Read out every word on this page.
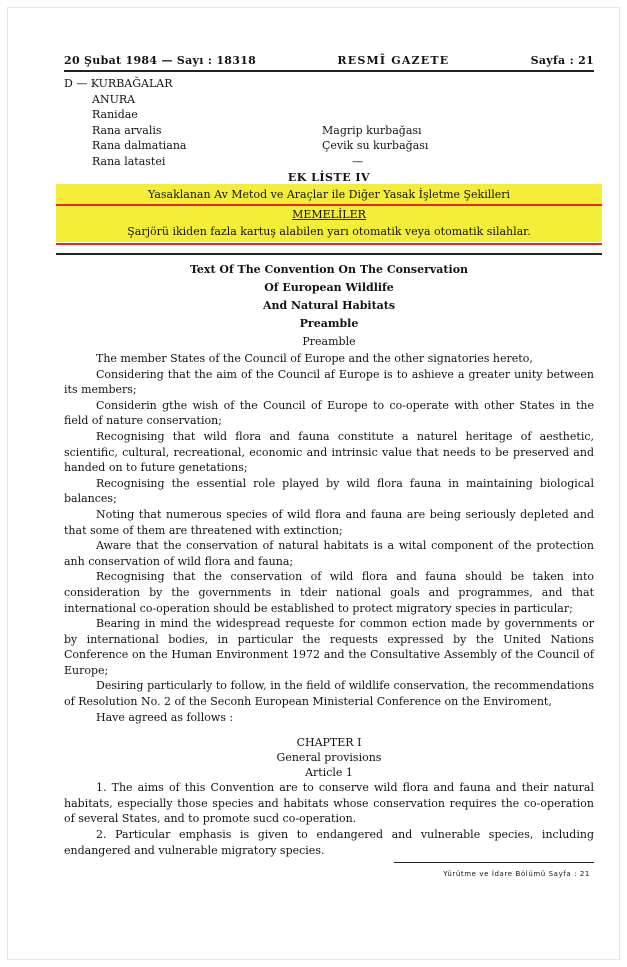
20 Şubat 1984 — Sayı : 18318	RESMÎ GAZETE	Sayfa : 21
D — KURBAĞALAR
ANURA
Ranidae
Rana arvalis	Magrip kurbağası
Rana dalmatiana	Çevik su kurbağası
Rana latastei	—
EK LİSTE IV
Yasaklanan Av Metod ve Araçlar ile Diğer Yasak İşletme Şekilleri
MEMELİLER
Şarjörü ikiden fazla kartuş alabilen yarı otomatik veya otomatik silahlar.
Text Of The Convention On The Conservation
Of European Wildlife
And Natural Habitats
Preamble
Preamble

The member States of the Council of Europe and the other signatories hereto,

Considering that the aim of the Council af Europe is to ashieve a greater unity between its members;

Considerin gthe wish of the Council of Europe to co-operate with other States in the field of nature conservation;

Recognising that wild flora and fauna constitute a naturel heritage of aesthetic, scientific, cultural, recreational, economic and intrinsic value that needs to be preserved and handed on to future genetations;

Recognising the essential role played by wild flora fauna in maintaining biological balances;

Noting that numerous species of wild flora and fauna are being seriously depleted and that some of them are threatened with extinction;

Aware that the conservation of natural habitats is a wital component of the protection anh conservation of wild flora and fauna;

Recognising that the conservation of wild flora and fauna should be taken into consideration by the governments in tdeir national goals and programmes, and that international co-operation should be established to protect migratory species in particular;

Bearing in mind the widespread requeste for common ection made by governments or by international bodies, in particular the requests expressed by the United Nations Conference on the Human Environment 1972 and the Consultative Assembly of the Council of Europe;

Desiring particularly to follow, in the field of wildlife conservation, the recommendations of Resolution No. 2 of the Seconh European Ministerial Conference on the Enviroment,

Have agreed as follows :

CHAPTER I
General provisions
Article 1

1. The aims of this Convention are to conserve wild flora and fauna and their natural habitats, especially those species and habitats whose conservation requires the co-operation of several States, and to promote sucd co-operation.

2. Particular emphasis is given to endangered and vulnerable species, including endangered and vulnerable migratory species.

Yürütme ve İdare Bölümü Sayfa : 21
